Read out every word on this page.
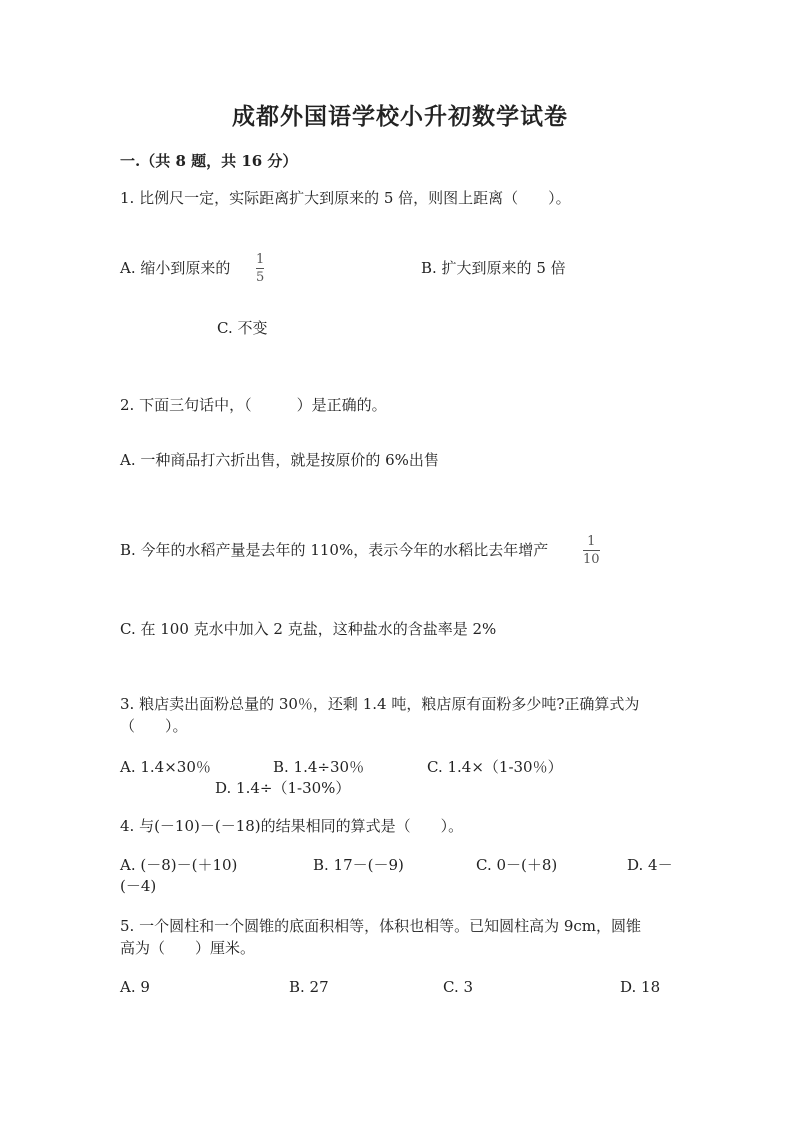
成都外国语学校小升初数学试卷
一.（共 8 题，共 16 分）
1. 比例尺一定，实际距离扩大到原来的 5 倍，则图上距离（　　）。
A. 缩小到原来的 1
5
B. 扩大到原来的 5 倍
C. 不变
2. 下面三句话中，（　　　）是正确的。
A. 一种商品打六折出售，就是按原价的 6%出售
B. 今年的水稻产量是去年的 110%，表示今年的水稻比去年增产	1
10
C. 在 100 克水中加入 2 克盐，这种盐水的含盐率是 2%
3. 粮店卖出面粉总量的 30％，还剩 1.4 吨，粮店原有面粉多少吨?正确算式为
（　　）。
A. 1.4×30％	B. 1.4÷30％	C. 1.4×（1-30％）
D. 1.4÷（1-30%）
4. 与(－10)－(－18)的结果相同的算式是（　　）。
A. (－8)－(＋10)	B. 17－(－9)	C. 0－(＋8)	D. 4－
(－4)
5. 一个圆柱和一个圆锥的底面积相等，体积也相等。已知圆柱高为 9cm，圆锥
高为（　　）厘米。
A. 9	B. 27	C. 3	D. 18
